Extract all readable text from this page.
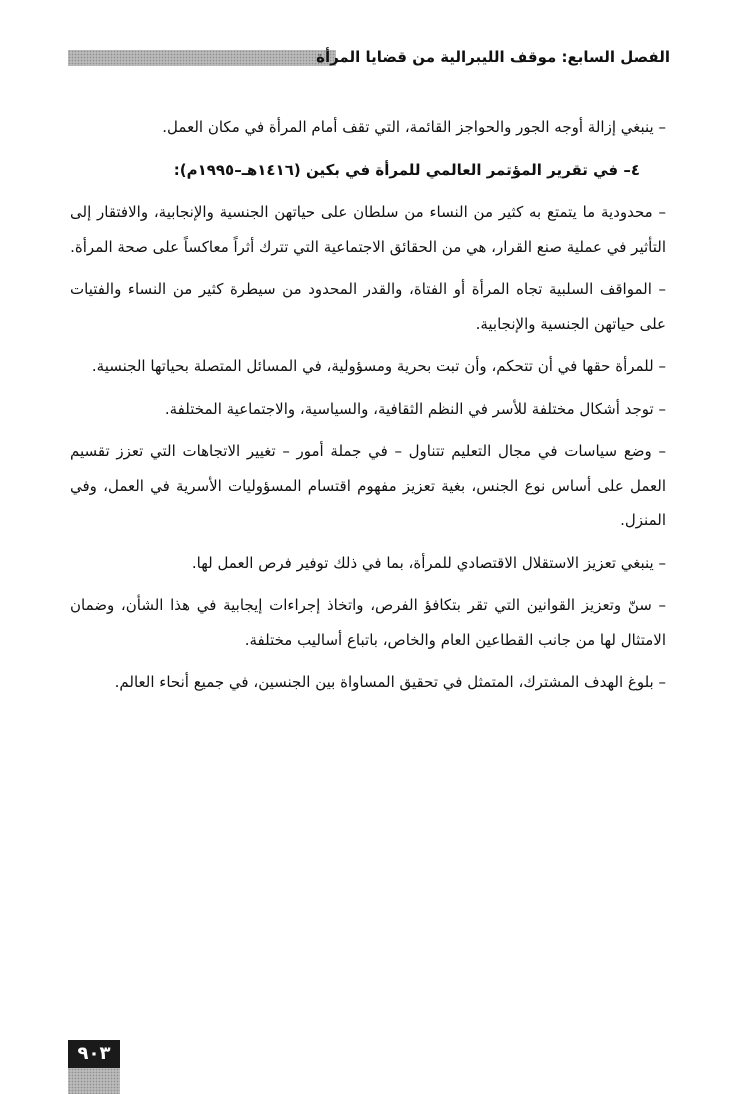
الفصل السابع: موقف الليبرالية من قضايا المرأة

– ينبغي إزالة أوجه الجور والحواجز القائمة، التي تقف أمام المرأة في مكان العمل.

٤– في تقرير المؤتمر العالمي للمرأة في بكين (١٤١٦هـ–١٩٩٥م):

– محدودية ما يتمتع به كثير من النساء من سلطان على حياتهن الجنسية والإنجابية، والافتقار إلى التأثير في عملية صنع القرار، هي من الحقائق الاجتماعية التي تترك أثراً معاكساً على صحة المرأة.

– المواقف السلبية تجاه المرأة أو الفتاة، والقدر المحدود من سيطرة كثير من النساء والفتيات على حياتهن الجنسية والإنجابية.

– للمرأة حقها في أن تتحكم، وأن تبت بحرية ومسؤولية، في المسائل المتصلة بحياتها الجنسية.

– توجد أشكال مختلفة للأسر في النظم الثقافية، والسياسية، والاجتماعية المختلفة.

– وضع سياسات في مجال التعليم تتناول – في جملة أمور – تغيير الاتجاهات التي تعزز تقسيم العمل على أساس نوع الجنس، بغية تعزيز مفهوم اقتسام المسؤوليات الأسرية في العمل، وفي المنزل.

– ينبغي تعزيز الاستقلال الاقتصادي للمرأة، بما في ذلك توفير فرص العمل لها.

– سنّ وتعزيز القوانين التي تقر بتكافؤ الفرص، واتخاذ إجراءات إيجابية في هذا الشأن، وضمان الامتثال لها من جانب القطاعين العام والخاص، باتباع أساليب مختلفة.

– بلوغ الهدف المشترك، المتمثل في تحقيق المساواة بين الجنسين، في جميع أنحاء العالم.

٩٠٣
